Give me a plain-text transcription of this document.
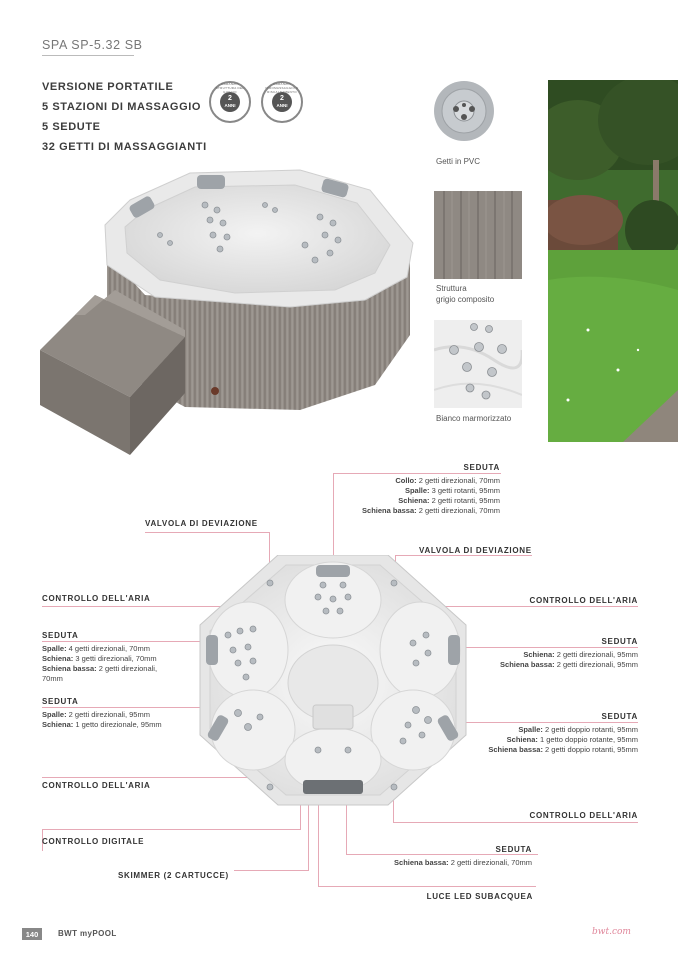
SPA SP-5.32 SB
VERSIONE PORTATILE
5 STAZIONI DI MASSAGGIO
5 SEDUTE
32 GETTI DI MASSAGGIANTI
2
ANNI
GARANZIA STRUTTURA DEL GUSCIO
2
ANNI
GARANZIA IDROMASSAGGIO E RISCALDAMENTO
Getti in PVC
Struttura
grigio composito
Bianco marmorizzato
SEDUTA
Collo: 2 getti direzionali, 70mm
Spalle: 3 getti rotanti, 95mm
Schiena: 2 getti rotanti, 95mm
Schiena bassa: 2 getti direzionali, 70mm
VALVOLA DI DEVIAZIONE
VALVOLA DI DEVIAZIONE
CONTROLLO DELL'ARIA	CONTROLLO DELL'ARIA
SEDUTA
Spalle: 4 getti direzionali, 70mm
Schiena: 3 getti direzionali, 70mm
Schiena bassa: 2 getti direzionali,
70mm
SEDUTA
Schiena: 2 getti direzionali, 95mm
Schiena bassa: 2 getti direzionali, 95mm
SEDUTA
Spalle: 2 getti direzionali, 95mm
Schiena: 1 getto direzionale, 95mm
SEDUTA
Spalle: 2 getti doppio rotanti, 95mm
Schiena: 1 getto doppio rotante, 95mm
Schiena bassa: 2 getti doppio rotanti, 95mm
CONTROLLO DELL'ARIA
CONTROLLO DELL'ARIA
CONTROLLO DIGITALE
SEDUTA
Schiena bassa: 2 getti direzionali, 70mm
SKIMMER (2 CARTUCCE)
LUCE LED SUBACQUEA
140	BWT myPOOL	bwt.com
